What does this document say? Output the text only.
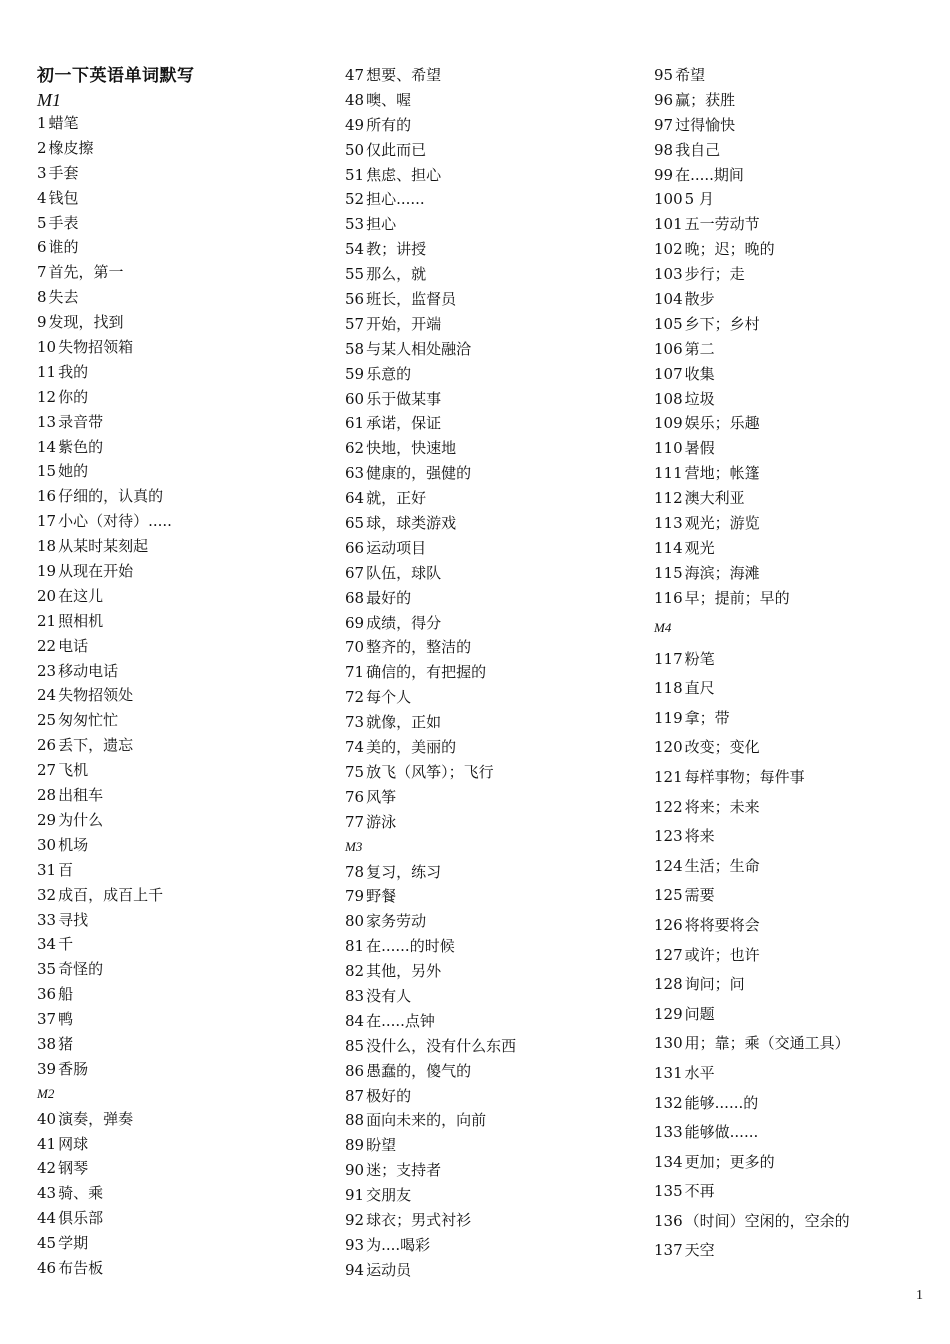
初一下英语单词默写
M1
1 蜡笔
2 橡皮擦
3 手套
4 钱包
5 手表
6 谁的
7 首先，第一
8 失去
9 发现，找到
10 失物招领箱
11 我的
12 你的
13 录音带
14 紫色的
15 她的
16 仔细的，认真的
17 小心（对待）.....
18 从某时某刻起
19 从现在开始
20 在这儿
21 照相机
22 电话
23 移动电话
24 失物招领处
25 匆匆忙忙
26 丢下，遗忘
27 飞机
28 出租车
29 为什么
30 机场
31 百
32 成百，成百上千
33 寻找
34 千
35 奇怪的
36 船
37 鸭
38 猪
39 香肠
M2
40 演奏，弹奏
41 网球
42 钢琴
43 骑、乘
44 俱乐部
45 学期
46 布告板
47 想要、希望
48 噢、喔
49 所有的
50 仅此而已
51 焦虑、担心
52 担心......
53 担心
54 教；讲授
55 那么，就
56 班长，监督员
57 开始，开端
58 与某人相处融洽
59 乐意的
60 乐于做某事
61 承诺，保证
62 快地，快速地
63 健康的，强健的
64 就，正好
65 球，球类游戏
66 运动项目
67 队伍，球队
68 最好的
69 成绩，得分
70 整齐的，整洁的
71 确信的，有把握的
72 每个人
73 就像，正如
74 美的，美丽的
75 放飞（风筝）；飞行
76 风筝
77 游泳
M3
78 复习，练习
79 野餐
80 家务劳动
81 在......的时候
82 其他，另外
83 没有人
84 在.....点钟
85 没什么，没有什么东西
86 愚蠢的，傻气的
87 极好的
88 面向未来的，向前
89 盼望
90 迷；支持者
91 交朋友
92 球衣；男式衬衫
93 为....喝彩
94 运动员
95 希望
96 赢；获胜
97 过得愉快
98 我自己
99 在.....期间
100 5 月
101 五一劳动节
102 晚；迟；晚的
103 步行；走
104 散步
105 乡下；乡村
106 第二
107 收集
108 垃圾
109 娱乐；乐趣
110 暑假
111 营地；帐篷
112 澳大利亚
113 观光；游览
114 观光
115 海滨；海滩
116 早；提前；早的
M4
117 粉笔
118 直尺
119 拿；带
120 改变；变化
121 每样事物；每件事
122 将来；未来
123 将来
124 生活；生命
125 需要
126 将将要将会
127 或许；也许
128 询问；问
129 问题
130 用；靠；乘（交通工具）
131 水平
132 能够......的
133 能够做......
134 更加；更多的
135 不再
136 （时间）空闲的，空余的
137 天空
1
